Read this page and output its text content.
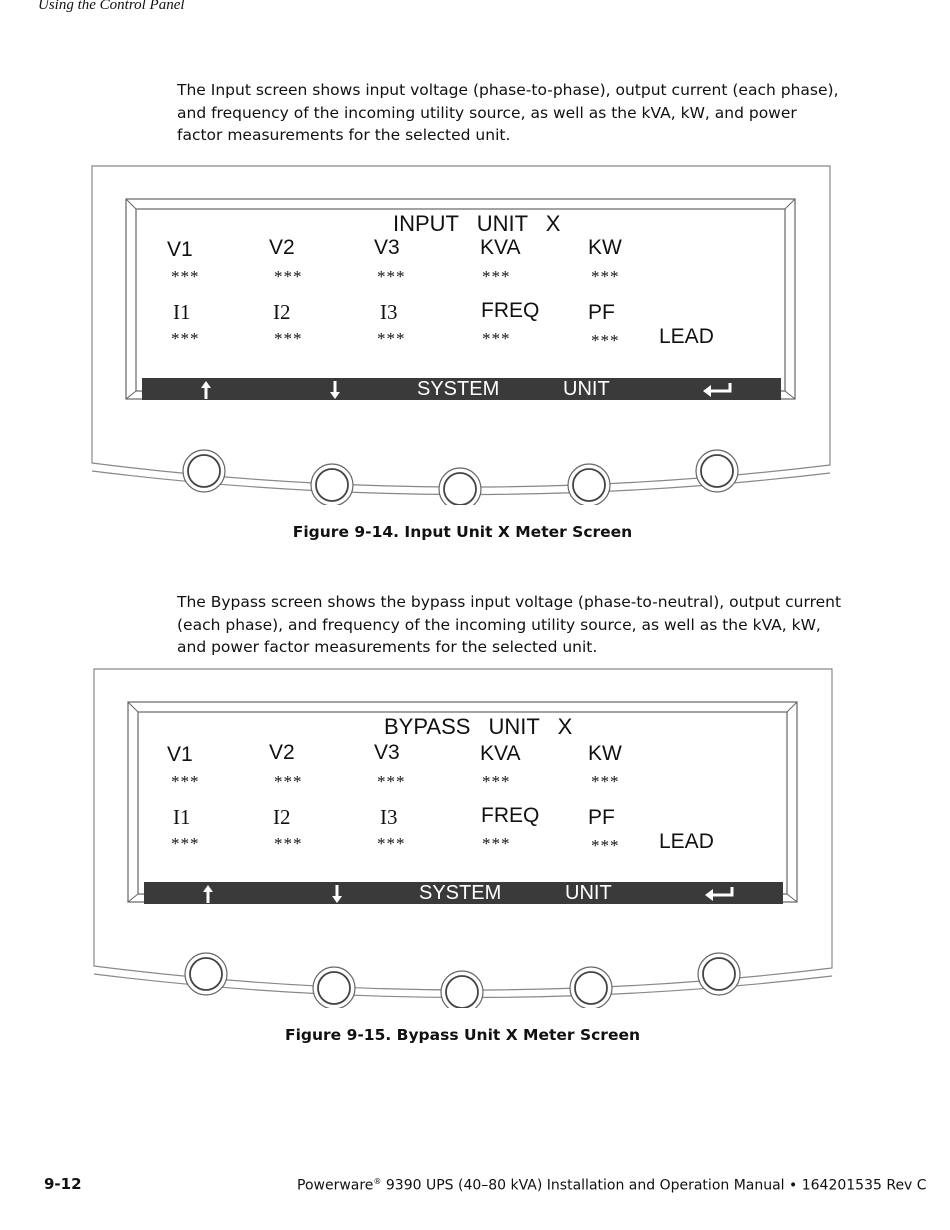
Using the Control Panel

The Input screen shows input voltage (phase-to-phase), output current (each phase), and frequency of the incoming utility source, as well as the kVA, kW, and power factor measurements for the selected unit.

INPUT UNIT X
V1	V2	V3	KVA	KW
***	***	***	***	***
I1	I2	I3	FREQ PF
***	***	***	***	*** LEAD
SYSTEM	UNIT
Figure 9-14. Input Unit X Meter Screen

The Bypass screen shows the bypass input voltage (phase-to-neutral), output current (each phase), and frequency of the incoming utility source, as well as the kVA, kW, and power factor measurements for the selected unit.

BYPASS UNIT X
V1	V2	V3	KVA	KW
***	***	***	***	***
I1	I2	I3	FREQ PF
***	***	***	***	*** LEAD
SYSTEM	UNIT
Figure 9-15. Bypass Unit X Meter Screen
9-12	Powerware® 9390 UPS (40–80 kVA) Installation and Operation Manual • 164201535 Rev C
